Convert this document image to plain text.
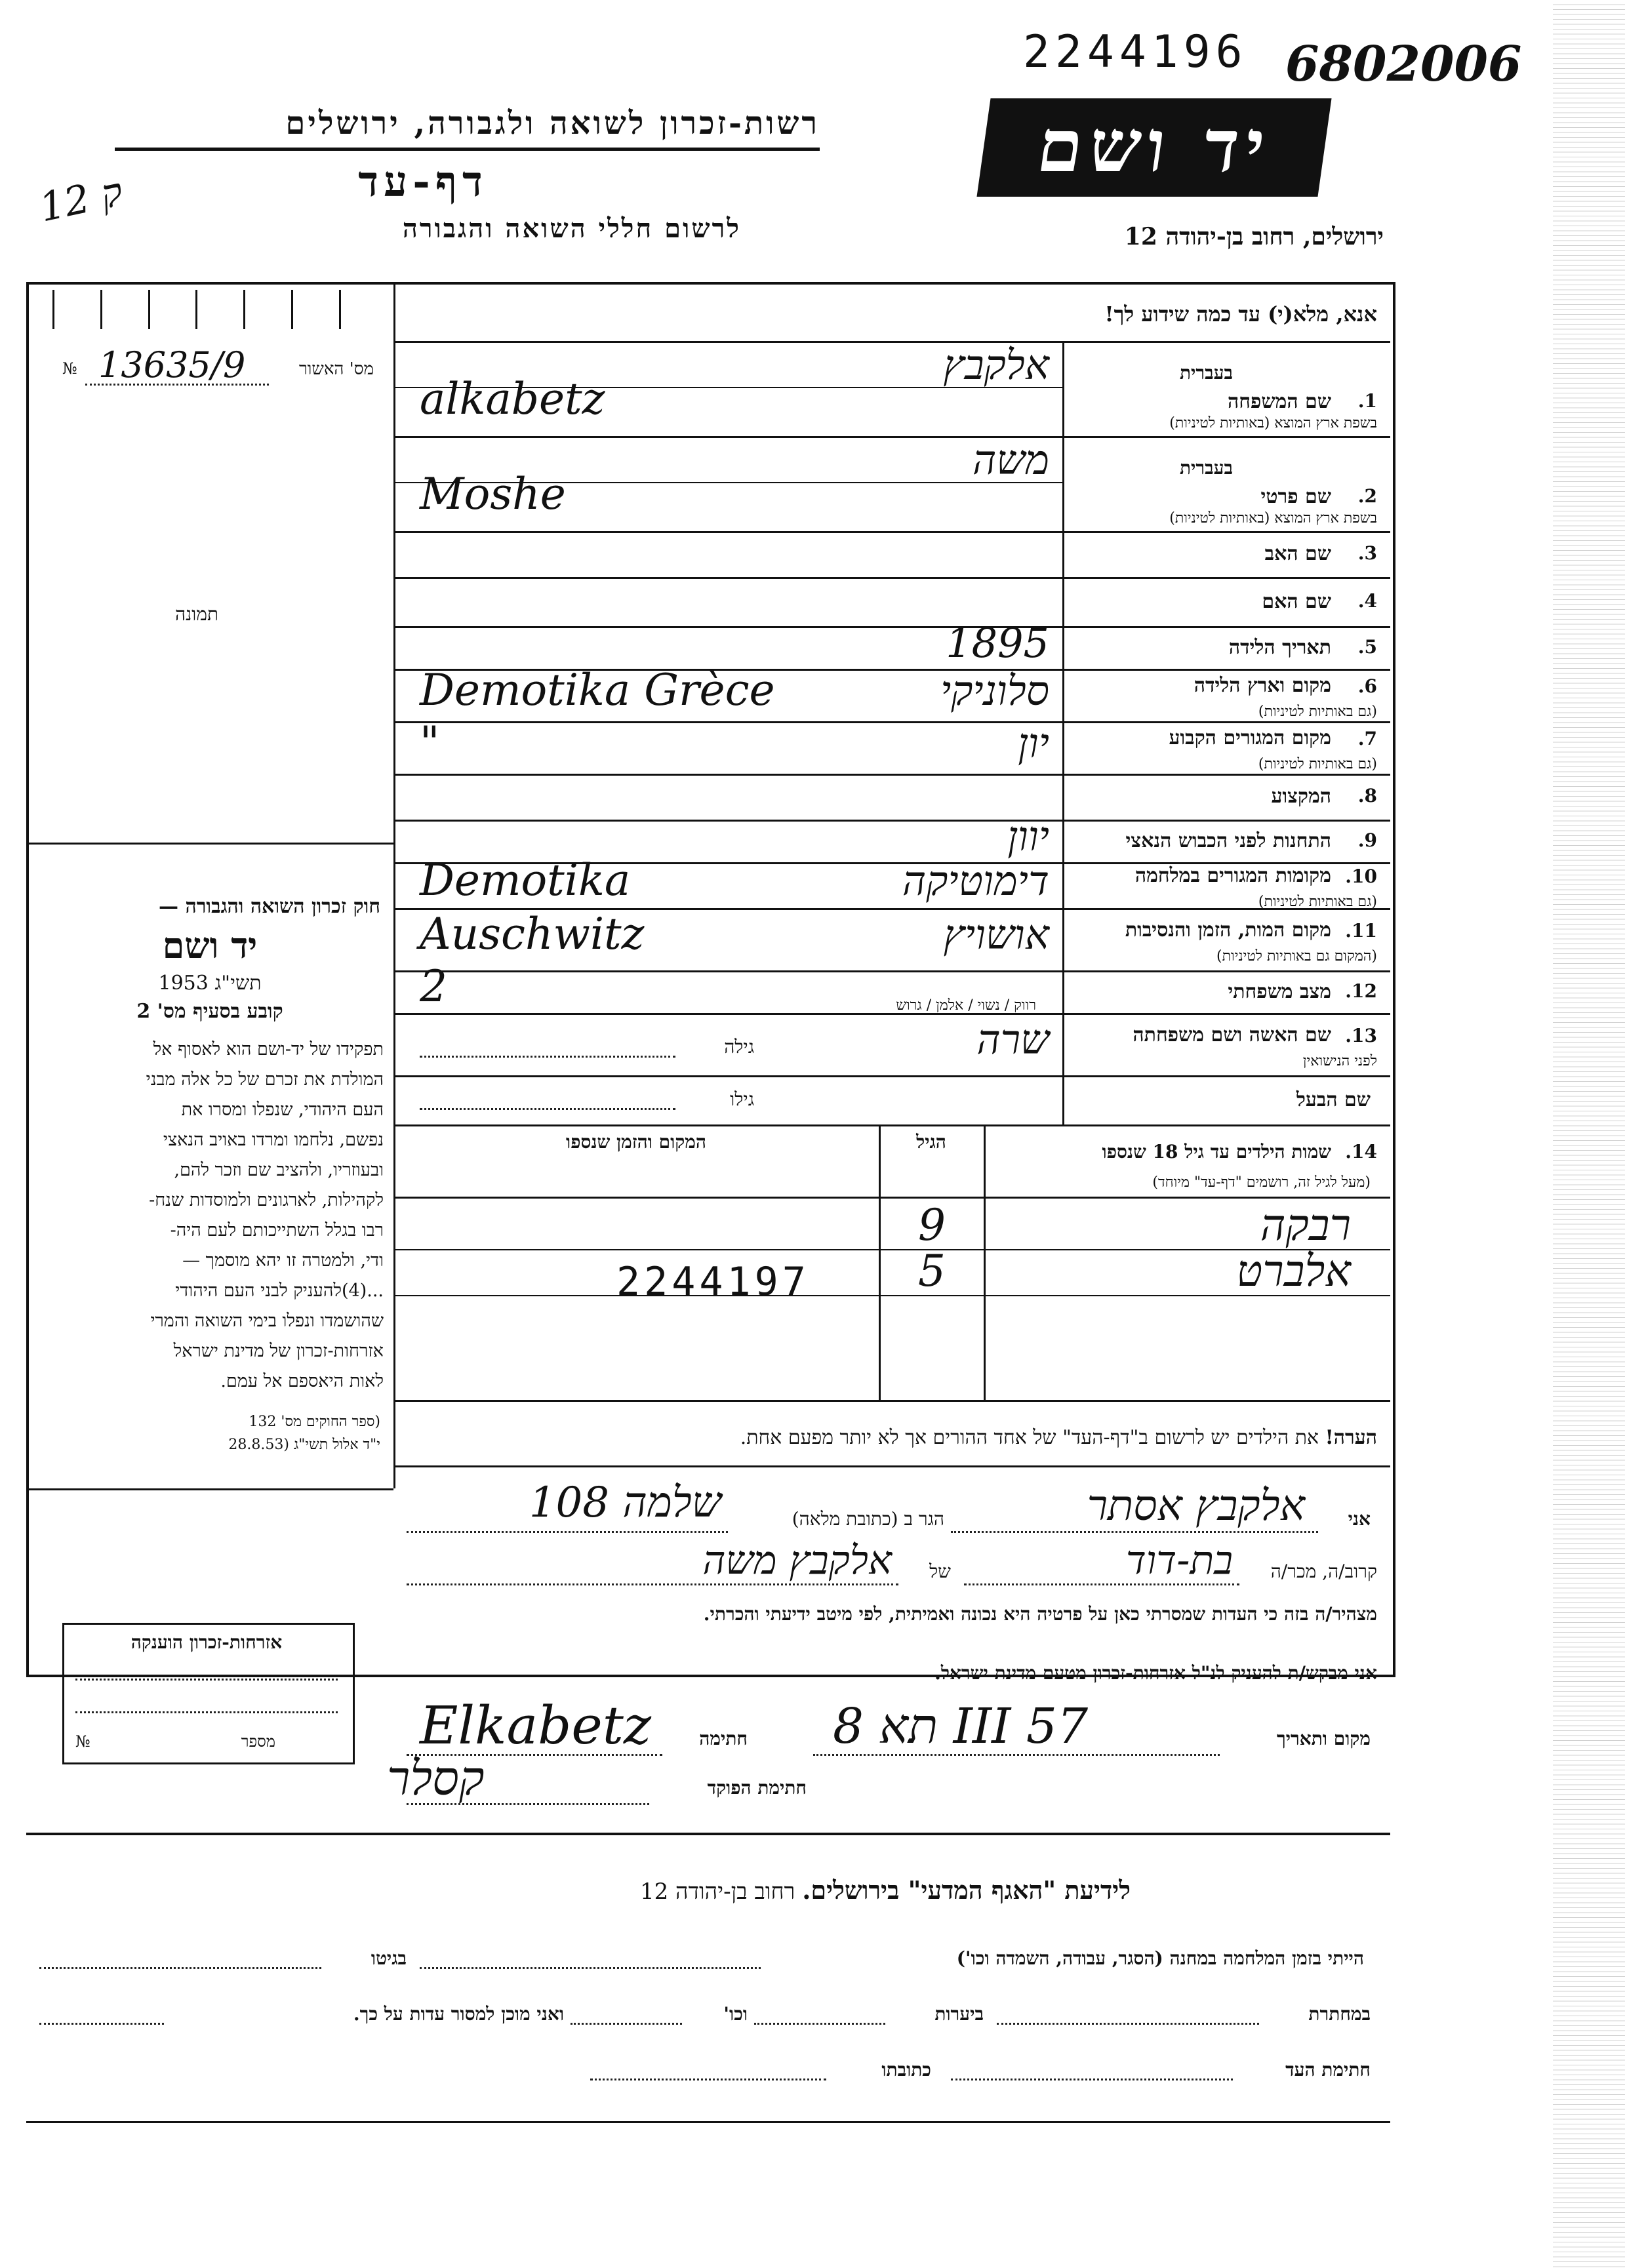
2244196 6802006
רשות-זכרון לשואה ולגבורה, ירושלים
דף-עד
לרשום חללי השואה והגבורה
12 ק
יד ושם
ירושלים, רחוב בן-יהודה 12
מס' האשור
№ 13635/9
תמונה
חוק זכרון השואה והגבורה —
יד ושם
תשי"ג 1953
קובע בסעיף מס' 2
תפקידו של יד-ושם הוא לאסוף אל
המולדת את זכרם של כל אלה מבני
העם היהודי, שנפלו ומסרו את
נפשם, נלחמו ומרדו באויב הנאצי
ובעוזריו, ולהציב שם וזכר להם,
לקהילות, לארגונים ולמוסדות שנח-
רבו בגלל השתייכותם לעם היה-
ודי, ולמטרה זו יהא מוסמך —
...(4)להעניק לבני העם היהודי
שהושמדו ונפלו בימי השואה והמרי
אזרחות-זכרון של מדינת ישראל
לאות היאספם אל עמם.
(ספר החוקים מס' 132
י"ד אלול תשי"ג (28.8.53
אזרחות-זכרון הוענקה
מספר
№
אנא, מלא(י) עד כמה שידוע לך!
בעברית
בעברית
1.
שם המשפחה
בשפת ארץ המוצא (באותיות לטיניות)
אלקבץ
alkabetz
2.
שם פרטי
בשפת ארץ המוצא (באותיות לטיניות)
משה
Moshe
3.
שם האב
4.
שם האם
5.
תאריך הלידה
1895
6.
מקום וארץ הלידה
(גם באותיות לטיניות)
סלוניקי
Demotika Grèce
7.
מקום המגורים הקבוע
(גם באותיות לטיניות)
יון
"
8.
המקצוע
9.
התחנות לפני הכבוש הנאצי
יוון
10.
מקומות המגורים במלחמה
(גם באותיות לטיניות)
דימוטיקה
Demotika
11.
מקום המות, הזמן והנסיבות
(המקום גם באותיות לטיניות)
אושויץ
Auschwitz
12.
מצב משפחתי
2
13.
שם האשה ושם משפחתה
לפני הנישואין
שרה
שם הבעל
רווק / נשוי / אלמן / גרוש
גילה
גילו
14.
שמות הילדים עד גיל 18 שנספו
(מעל לגיל זה, רושמים "דף-עד" מיוחד)
הגיל
המקום והזמן שנספו
רבקה
9
אלברט
5
2244197
הערה! את הילדים יש לרשום ב"דף-העד" של אחד ההורים אך לא יותר מפעם אחת.
אני
אלקבץ אסתר
הגר ב (כתובת מלאה)
שלמה 108
קרוב/ה, מכר/ה
בת-דוד
של
אלקבץ משה
מצהיר/ה בזה כי העדות שמסרתי כאן על פרטיה היא נכונה ואמיתית, לפי מיטב ידיעתי והכרתי.
אני מבקש/ת להעניק לנ"ל אזרחות-זכרון מטעם מדינת ישראל.
מקום ותאריך
תא 8 III 57
חתימה
Elkabetz
חתימת הפוקד
קסלר
לידיעת "האגף המדעי" בירושלים. רחוב בן-יהודה 12
הייתי בזמן המלחמה במחנה (הסגר, עבודה, השמדה וכו')
בגיטו
במחתרת
ביערות
וכו'
ואני מוכן למסור עדות על כך.
חתימת העד
כתובתו
